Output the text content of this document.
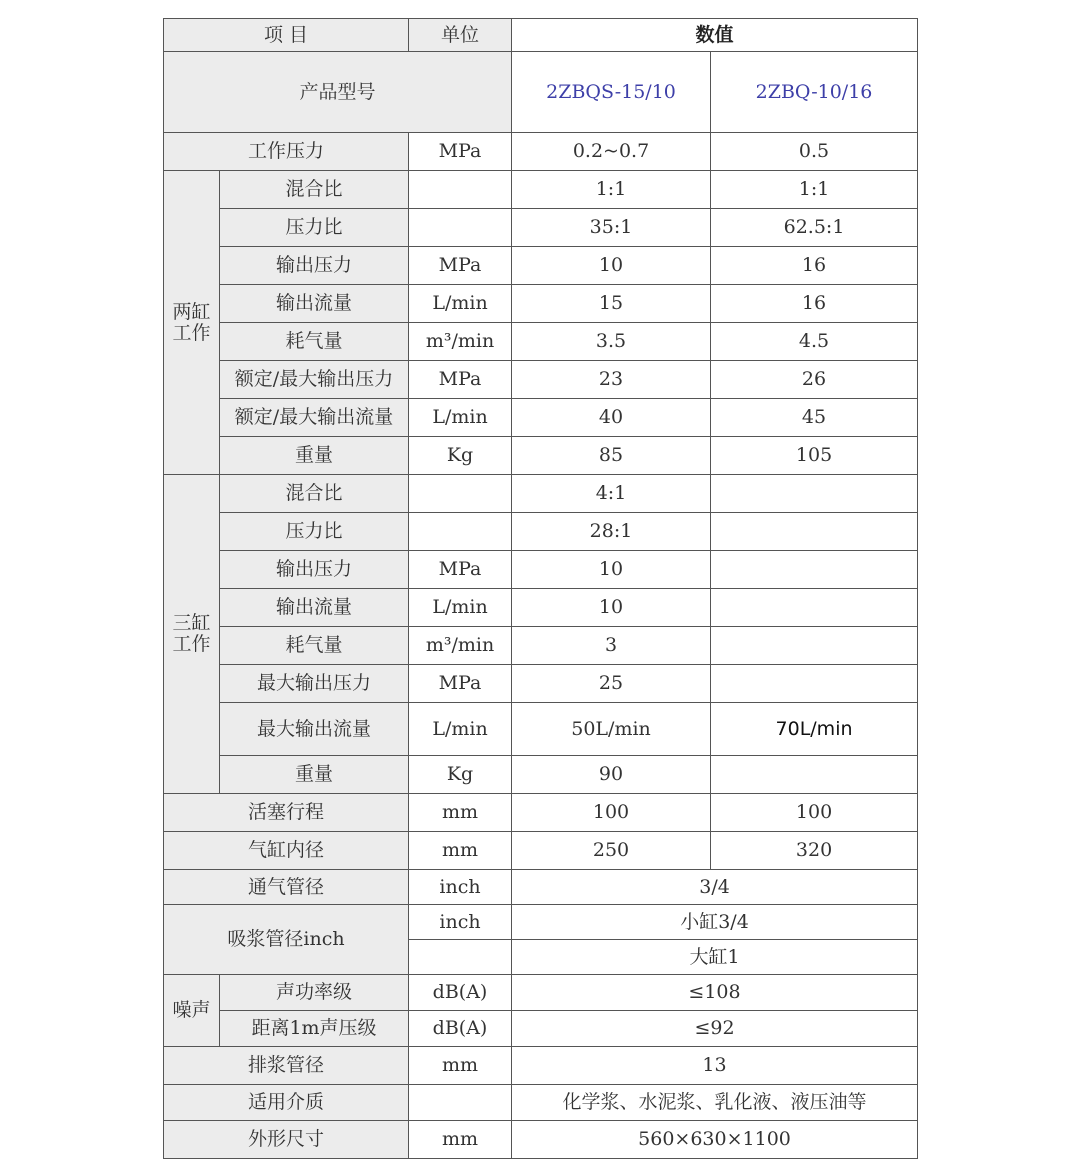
项 目		单位	数值	
产品型号			2ZBQS-15/10	2ZBQ-10/16
工作压力		MPa	0.2~0.7	0.5
两缸工作	混合比		1:1	1:1
	压力比		35:1	62.5:1
	输出压力	MPa	10	16
	输出流量	L/min	15	16
	耗气量	m³/min	3.5	4.5
	额定/最大输出压力	MPa	23	26
	额定/最大输出流量	L/min	40	45
	重量	Kg	85	105
三缸工作	混合比		4:1	
	压力比		28:1	
	输出压力	MPa	10	
	输出流量	L/min	10	
	耗气量	m³/min	3	
	最大输出压力	MPa	25	
	最大输出流量	L/min	50L/min	70L/min
	重量	Kg	90	
活塞行程		mm	100	100
气缸内径		mm	250	320
通气管径		inch	3/4	
吸浆管径inch		inch	小缸3/4	
			大缸1	
噪声	声功率级	dB(A)	≤108	
	距离1m声压级	dB(A)	≤92	
排浆管径		mm	13	
适用介质			化学浆、水泥浆、乳化液、液压油等	
外形尺寸		mm	560×630×1100	
